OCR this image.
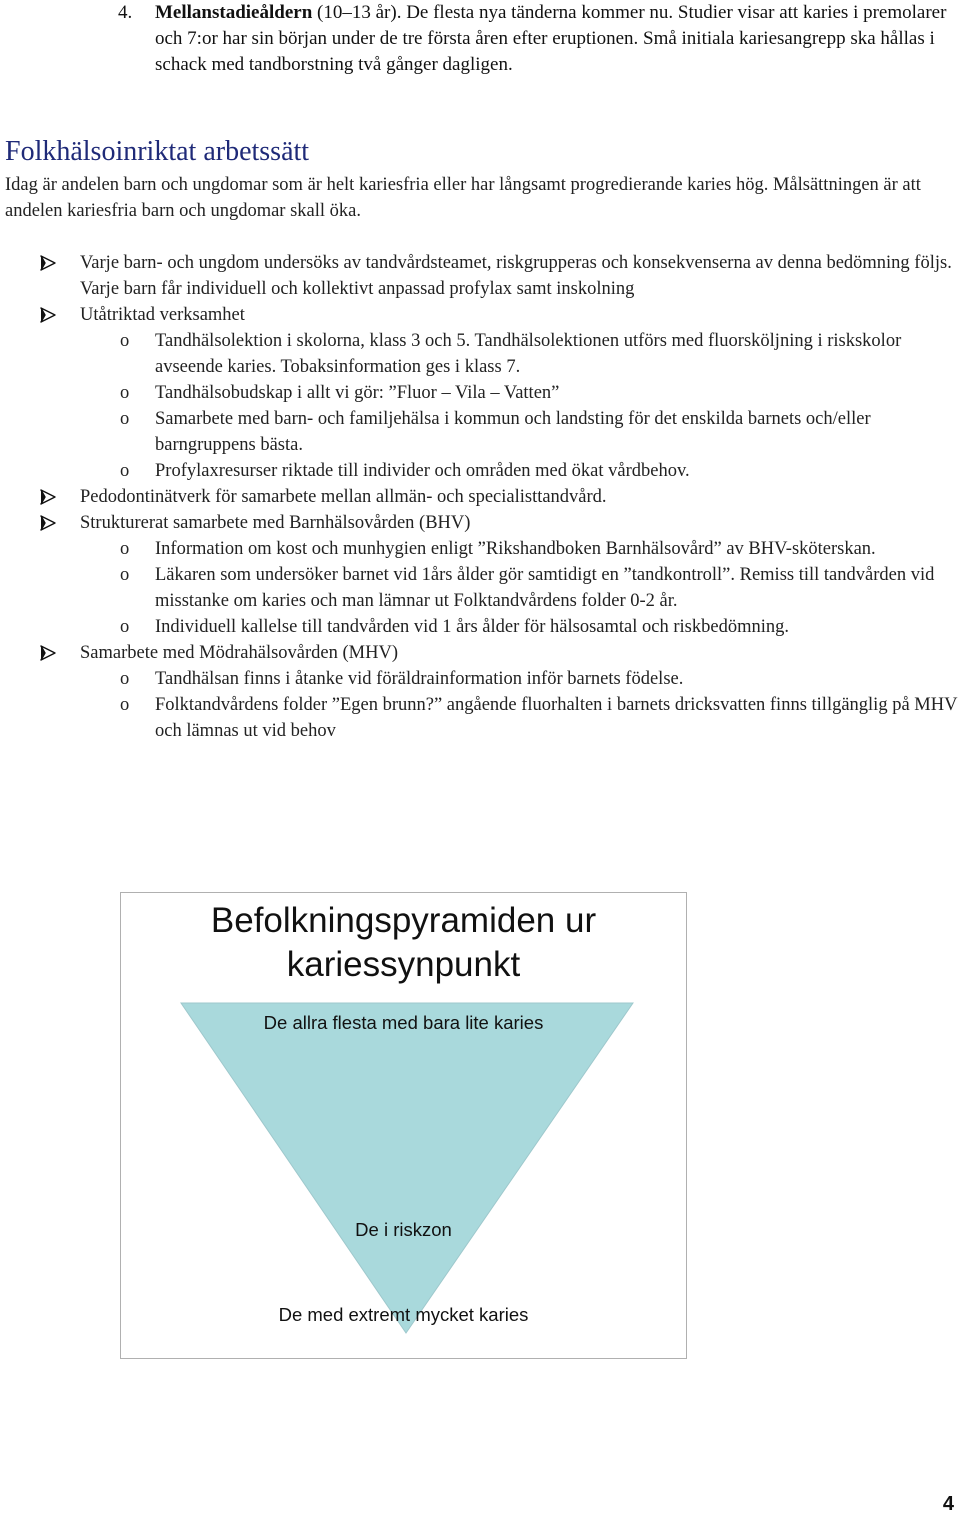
4. Mellanstadieåldern (10–13 år). De flesta nya tänderna kommer nu. Studier visar att karies i premolarer och 7:or har sin början under de tre första åren efter eruptionen. Små initiala kariesangrepp ska hållas i schack med tandborstning två gånger dagligen.
Folkhälsoinriktat arbetssätt
Idag är andelen barn och ungdomar som är helt kariesfria eller har långsamt progredierande karies hög. Målsättningen är att andelen kariesfria barn och ungdomar skall öka.
Varje barn- och ungdom undersöks av tandvårdsteamet, riskgrupperas och konsekvenserna av denna bedömning följs. Varje barn får individuell och kollektivt anpassad profylax samt inskolning
Utåtriktad verksamhet
o Tandhälsolektion i skolorna, klass 3 och 5. Tandhälsolektionen utförs med fluorsköljning i riskskolor avseende karies. Tobaksinformation ges i klass 7.
o Tandhälsobudskap i allt vi gör: ”Fluor – Vila – Vatten”
o Samarbete med barn- och familjehälsa i kommun och landsting för det enskilda barnets och/eller barngruppens bästa.
o Profylaxresurser riktade till individer och områden med ökat vårdbehov.
Pedodontinätverk för samarbete mellan allmän- och specialisttandvård.
Strukturerat samarbete med Barnhälsovården (BHV)
o Information om kost och munhygien enligt ”Rikshandboken Barnhälsovård” av BHV-sköterskan.
o Läkaren som undersöker barnet vid 1års ålder gör samtidigt en ”tandkontroll”. Remiss till tandvården vid misstanke om karies och man lämnar ut Folktandvårdens folder 0-2 år.
o Individuell kallelse till tandvården vid 1 års ålder för hälsosamtal och riskbedömning.
Samarbete med Mödrahälsovården (MHV)
o Tandhälsan finns i åtanke vid föräldrainformation inför barnets födelse.
o Folktandvårdens folder ”Egen brunn?” angående fluorhalten i barnets dricksvatten finns tillgänglig på MHV och lämnas ut vid behov
Befolkningspyramiden ur
kariessynpunkt
De allra flesta med bara lite karies
De i riskzon
De med extremt mycket karies
4
